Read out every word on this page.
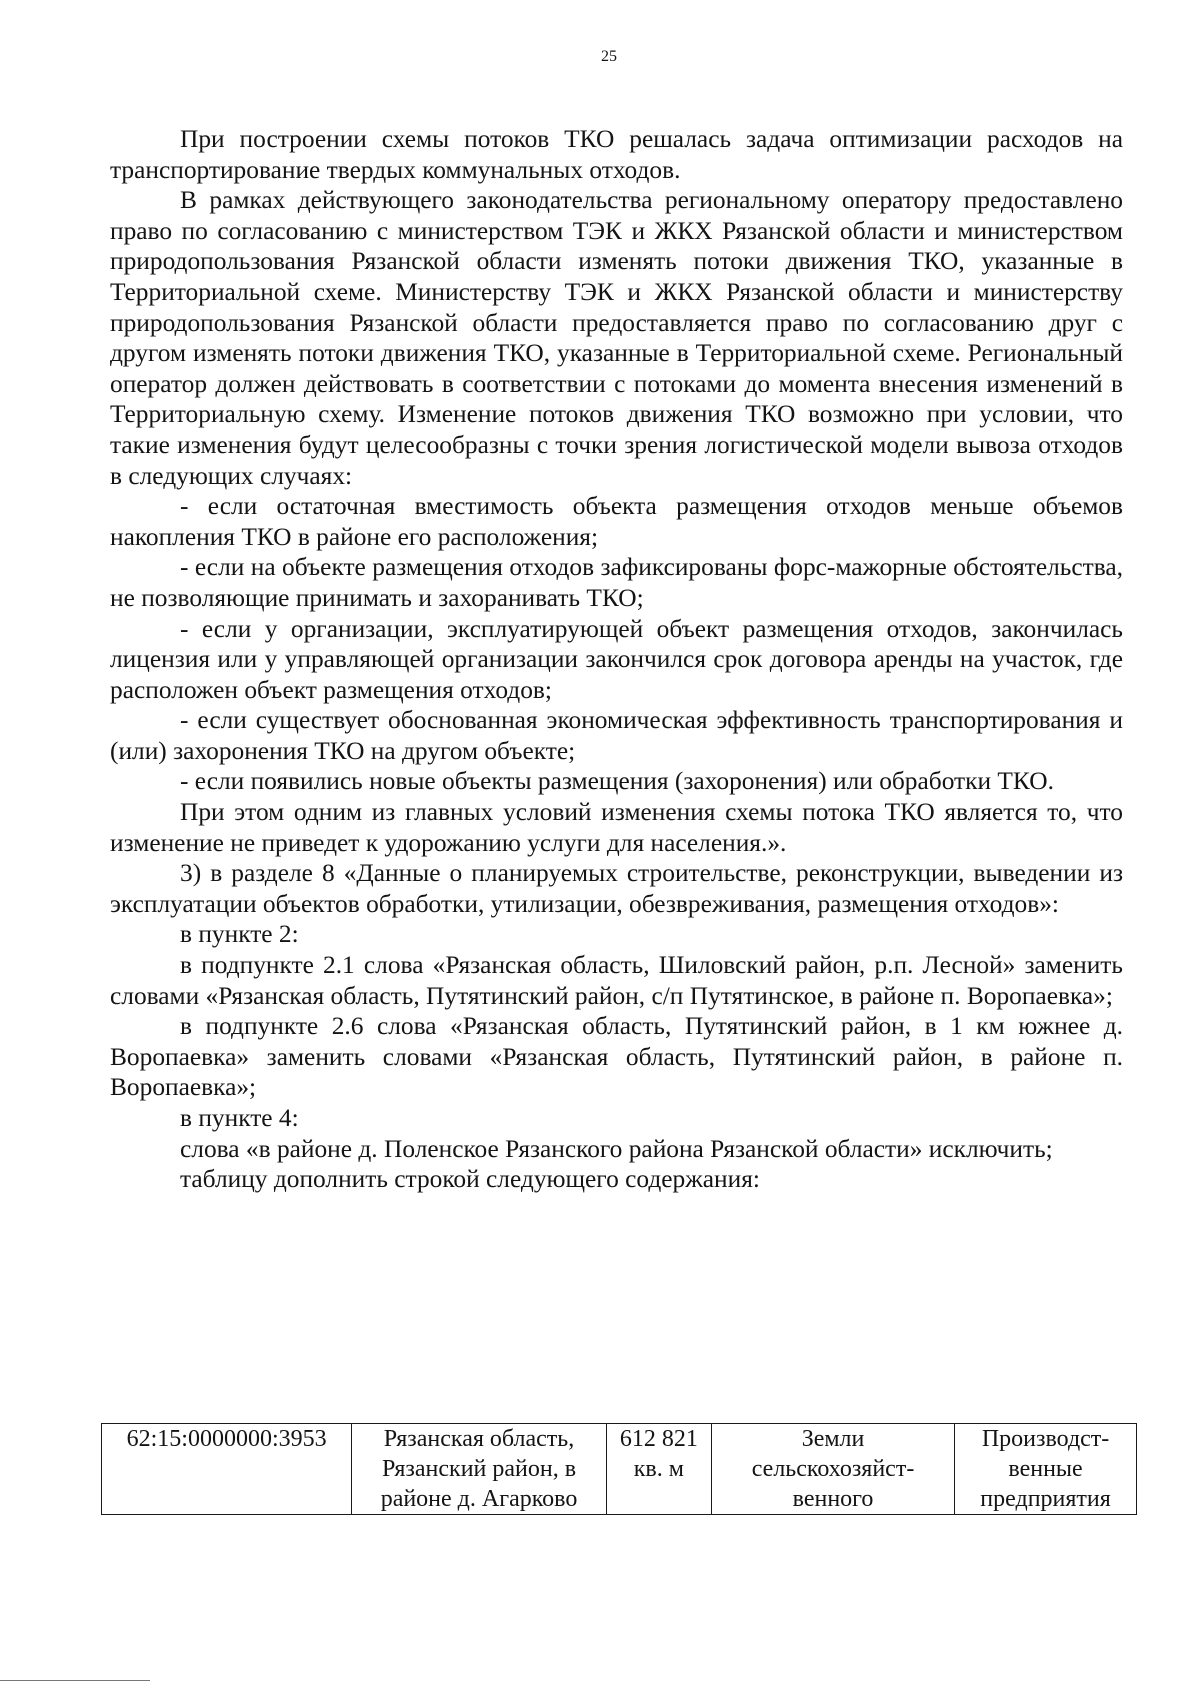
25

При построении схемы потоков ТКО решалась задача оптимизации расходов на транспортирование твердых коммунальных отходов.

В рамках действующего законодательства региональному оператору предоставлено право по согласованию с министерством ТЭК и ЖКХ Рязанской области и министерством природопользования Рязанской области изменять потоки движения ТКО, указанные в Территориальной схеме. Министерству ТЭК и ЖКХ Рязанской области и министерству природопользования Рязанской области предоставляется право по согласованию друг с другом изменять потоки движения ТКО, указанные в Территориальной схеме. Региональный оператор должен действовать в соответствии с потоками до момента внесения изменений в Территориальную схему. Изменение потоков движения ТКО возможно при условии, что такие изменения будут целесообразны с точки зрения логистической модели вывоза отходов в следующих случаях:

- если остаточная вместимость объекта размещения отходов меньше объемов накопления ТКО в районе его расположения;

- если на объекте размещения отходов зафиксированы форс-мажорные обстоятельства, не позволяющие принимать и захоранивать ТКО;

- если у организации, эксплуатирующей объект размещения отходов, закончилась лицензия или у управляющей организации закончился срок договора аренды на участок, где расположен объект размещения отходов;

- если существует обоснованная экономическая эффективность транспортирования и (или) захоронения ТКО на другом объекте;

- если появились новые объекты размещения (захоронения) или обработки ТКО.

При этом одним из главных условий изменения схемы потока ТКО является то, что изменение не приведет к удорожанию услуги для населения.».

3) в разделе 8 «Данные о планируемых строительстве, реконструкции, выведении из эксплуатации объектов обработки, утилизации, обезвреживания, размещения отходов»:

в пункте 2:

в подпункте 2.1 слова «Рязанская область, Шиловский район, р.п. Лесной» заменить словами «Рязанская область, Путятинский район, с/п Путятинское, в районе п. Воропаевка»;

в подпункте 2.6 слова «Рязанская область, Путятинский район, в 1 км южнее д. Воропаевка» заменить словами «Рязанская область, Путятинский район, в районе п. Воропаевка»;

в пункте 4:

слова «в районе д. Поленское Рязанского района Рязанской области» исключить;

таблицу дополнить строкой следующего содержания:

62:15:0000000:3953	Рязанская область, Рязанский район, в районе д. Агарково	612 821 кв. м	Земли сельскохозяйст-венного	Производст-венные предприятия
